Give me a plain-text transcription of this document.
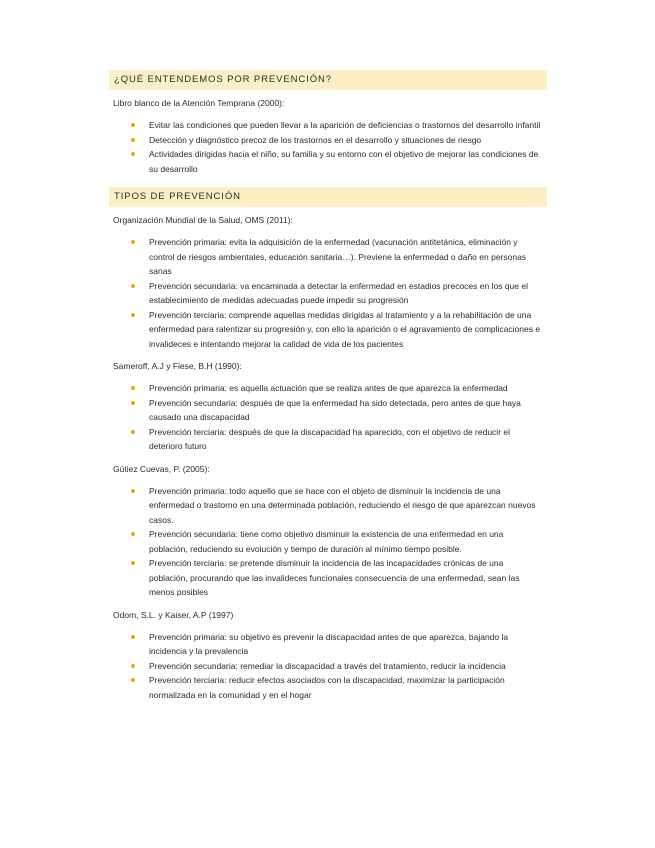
¿QUÉ ENTENDEMOS POR PREVENCIÓN?
Libro blanco de la Atención Temprana (2000):
Evitar las condiciones que pueden llevar a la aparición de deficiencias o trastornos del desarrollo infantil
Detección y diagnóstico precoz de los trastornos en el desarrollo y situaciones de riesgo
Actividades dirigidas hacia el niño, su familia y su entorno con el objetivo de mejorar las condiciones de su desarrollo
TIPOS DE PREVENCIÓN
Organización Mundial de la Salud, OMS (2011):
Prevención primaria: evita la adquisición de la enfermedad (vacunación antitetánica, eliminación y control de riesgos ambientales, educación sanitaria…). Previene la enfermedad o daño en personas sanas
Prevención secundaria: va encaminada a detectar la enfermedad en estadios precoces en los que el establecimiento de medidas adecuadas puede impedir su progresión
Prevención terciaria: comprende aquellas medidas dirigidas al tratamiento y a la rehabilitación de una enfermedad para ralentizar su progresión y, con ello la aparición o el agravamiento de complicaciones e invalideces e intentando mejorar la calidad de vida de los pacientes
Sameroff, A.J y Fiese, B.H (1990):
Prevención primaria: es aquella actuación que se realiza antes de que aparezca la enfermedad
Prevención secundaria: después de que la enfermedad ha sido detectada, pero antes de que haya causado una discapacidad
Prevención terciaria: después de que la discapacidad ha aparecido, con el objetivo de reducir el deterioro futuro
Gútiez Cuevas, P. (2005):
Prevención primaria: todo aquello que se hace con el objeto de disminuir la incidencia de una enfermedad o trastorno en una determinada población, reduciendo el riesgo de que aparezcan nuevos casos.
Prevención secundaria: tiene como objetivo disminuir la existencia de una enfermedad en una población, reduciendo su evolución y tiempo de duración al mínimo tiempo posible.
Prevención terciaria: se pretende disminuir la incidencia de las incapacidades crónicas de una población, procurando que las invalideces funcionales consecuencia de una enfermedad, sean las menos posibles
Odom, S.L. y Kaiser, A.P (1997)
Prevención primaria: su objetivo es prevenir la discapacidad antes de que aparezca, bajando la incidencia y la prevalencia
Prevención secundaria: remediar la discapacidad a través del tratamiento, reducir la incidencia
Prevención terciaria: reducir efectos asociados con la discapacidad, maximizar la participación normalizada en la comunidad y en el hogar
